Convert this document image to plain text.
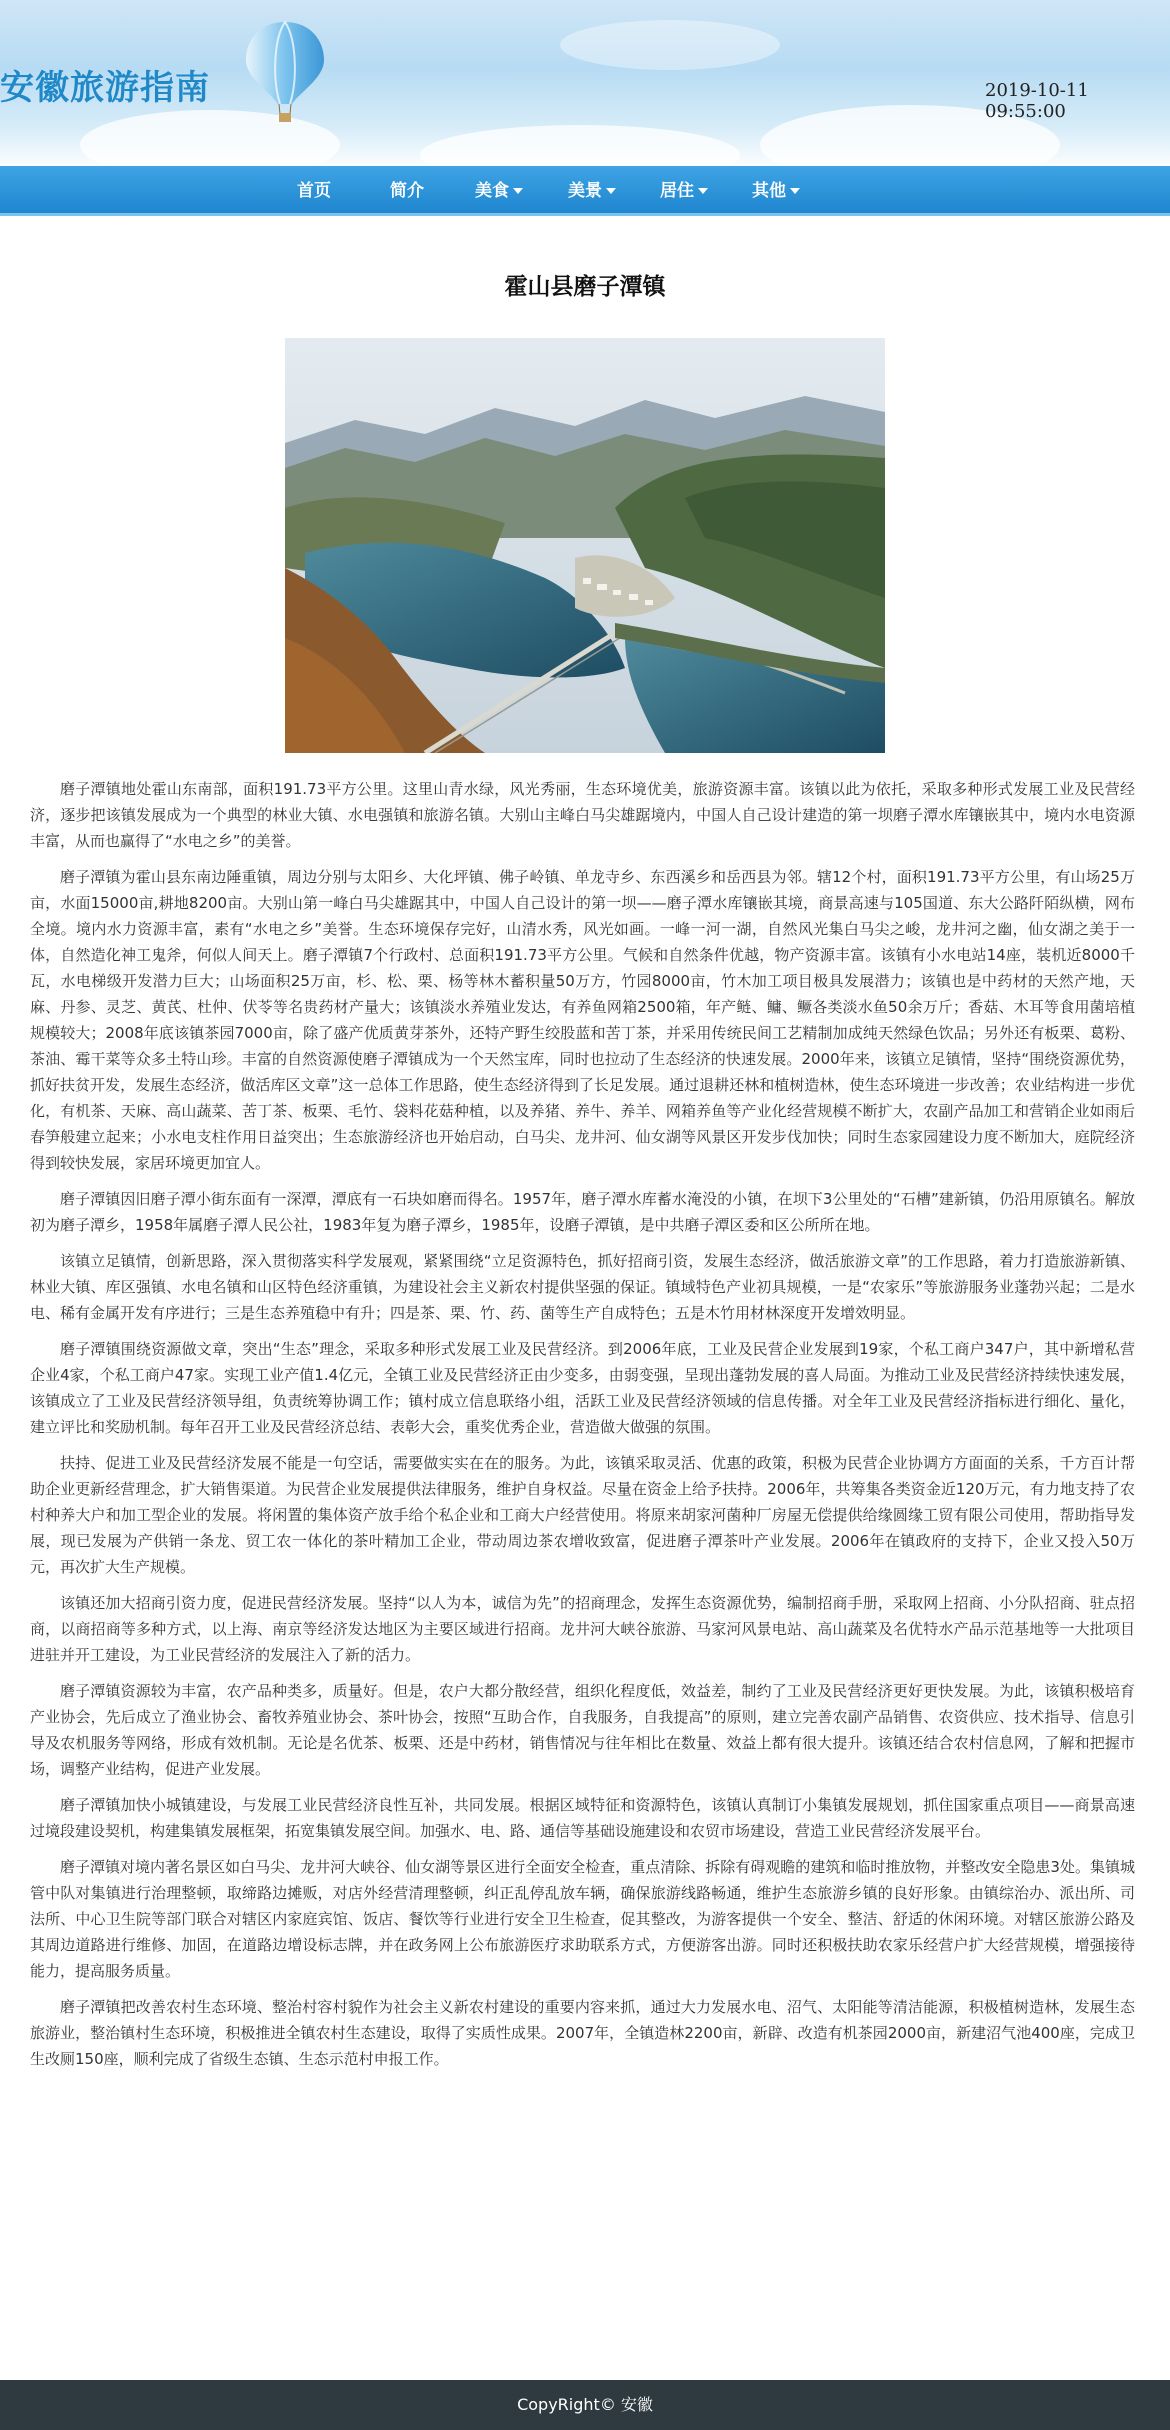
安徽旅游指南	2019-10-11 09:55:00
首页	简介	美食	美景	居住	其他
霍山县磨子潭镇

磨子潭镇地处霍山东南部，面积191.73平方公里。这里山青水绿，风光秀丽，生态环境优美，旅游资源丰富。该镇以此为依托，采取多种形式发展工业及民营经济，逐步把该镇发展成为一个典型的林业大镇、水电强镇和旅游名镇。大别山主峰白马尖雄踞境内，中国人自己设计建造的第一坝磨子潭水库镶嵌其中，境内水电资源丰富，从而也赢得了“水电之乡”的美誉。

磨子潭镇为霍山县东南边陲重镇，周边分别与太阳乡、大化坪镇、佛子岭镇、单龙寺乡、东西溪乡和岳西县为邻。辖12个村，面积191.73平方公里，有山场25万亩，水面15000亩,耕地8200亩。大别山第一峰白马尖雄踞其中，中国人自己设计的第一坝——磨子潭水库镶嵌其境，商景高速与105国道、东大公路阡陌纵横，网布全境。境内水力资源丰富，素有“水电之乡”美誉。生态环境保存完好，山清水秀，风光如画。一峰一河一湖，自然风光集白马尖之峻，龙井河之幽，仙女湖之美于一体，自然造化神工鬼斧，何似人间天上。磨子潭镇7个行政村、总面积191.73平方公里。气候和自然条件优越，物产资源丰富。该镇有小水电站14座，装机近8000千瓦，水电梯级开发潜力巨大；山场面积25万亩，杉、松、栗、杨等林木蓄积量50万方，竹园8000亩，竹木加工项目极具发展潜力；该镇也是中药材的天然产地，天麻、丹参、灵芝、黄芪、杜仲、伏苓等名贵药材产量大；该镇淡水养殖业发达，有养鱼网箱2500箱，年产鲢、鳙、鳜各类淡水鱼50余万斤；香菇、木耳等食用菌培植规模较大；2008年底该镇茶园7000亩，除了盛产优质黄芽茶外，还特产野生绞股蓝和苦丁茶，并采用传统民间工艺精制加成纯天然绿色饮品；另外还有板栗、葛粉、茶油、霉干菜等众多土特山珍。丰富的自然资源使磨子潭镇成为一个天然宝库，同时也拉动了生态经济的快速发展。2000年来，该镇立足镇情，坚持“围绕资源优势，抓好扶贫开发，发展生态经济，做活库区文章”这一总体工作思路，使生态经济得到了长足发展。通过退耕还林和植树造林，使生态环境进一步改善；农业结构进一步优化，有机茶、天麻、高山蔬菜、苦丁茶、板栗、毛竹、袋料花菇种植，以及养猪、养牛、养羊、网箱养鱼等产业化经营规模不断扩大，农副产品加工和营销企业如雨后春笋般建立起来；小水电支柱作用日益突出；生态旅游经济也开始启动，白马尖、龙井河、仙女湖等风景区开发步伐加快；同时生态家园建设力度不断加大，庭院经济得到较快发展，家居环境更加宜人。

磨子潭镇因旧磨子潭小街东面有一深潭，潭底有一石块如磨而得名。1957年，磨子潭水库蓄水淹没的小镇，在坝下3公里处的“石槽”建新镇，仍沿用原镇名。解放初为磨子潭乡，1958年属磨子潭人民公社，1983年复为磨子潭乡，1985年，设磨子潭镇，是中共磨子潭区委和区公所所在地。

该镇立足镇情，创新思路，深入贯彻落实科学发展观，紧紧围绕“立足资源特色，抓好招商引资，发展生态经济，做活旅游文章”的工作思路，着力打造旅游新镇、林业大镇、库区强镇、水电名镇和山区特色经济重镇，为建设社会主义新农村提供坚强的保证。镇域特色产业初具规模，一是“农家乐”等旅游服务业蓬勃兴起；二是水电、稀有金属开发有序进行；三是生态养殖稳中有升；四是茶、栗、竹、药、菌等生产自成特色；五是木竹用材林深度开发增效明显。

磨子潭镇围绕资源做文章，突出“生态”理念，采取多种形式发展工业及民营经济。到2006年底，工业及民营企业发展到19家，个私工商户347户，其中新增私营企业4家，个私工商户47家。实现工业产值1.4亿元，全镇工业及民营经济正由少变多，由弱变强，呈现出蓬勃发展的喜人局面。为推动工业及民营经济持续快速发展，该镇成立了工业及民营经济领导组，负责统筹协调工作；镇村成立信息联络小组，活跃工业及民营经济领域的信息传播。对全年工业及民营经济指标进行细化、量化，建立评比和奖励机制。每年召开工业及民营经济总结、表彰大会，重奖优秀企业，营造做大做强的氛围。

扶持、促进工业及民营经济发展不能是一句空话，需要做实实在在的服务。为此，该镇采取灵活、优惠的政策，积极为民营企业协调方方面面的关系，千方百计帮助企业更新经营理念，扩大销售渠道。为民营企业发展提供法律服务，维护自身权益。尽量在资金上给予扶持。2006年，共筹集各类资金近120万元，有力地支持了农村种养大户和加工型企业的发展。将闲置的集体资产放手给个私企业和工商大户经营使用。将原来胡家河菌种厂房屋无偿提供给缘圆缘工贸有限公司使用，帮助指导发展，现已发展为产供销一条龙、贸工农一体化的茶叶精加工企业，带动周边茶农增收致富，促进磨子潭茶叶产业发展。2006年在镇政府的支持下，企业又投入50万元，再次扩大生产规模。

该镇还加大招商引资力度，促进民营经济发展。坚持“以人为本，诚信为先”的招商理念，发挥生态资源优势，编制招商手册，采取网上招商、小分队招商、驻点招商，以商招商等多种方式，以上海、南京等经济发达地区为主要区域进行招商。龙井河大峡谷旅游、马家河风景电站、高山蔬菜及名优特水产品示范基地等一大批项目进驻并开工建设，为工业民营经济的发展注入了新的活力。

磨子潭镇资源较为丰富，农产品种类多，质量好。但是，农户大都分散经营，组织化程度低，效益差，制约了工业及民营经济更好更快发展。为此，该镇积极培育产业协会，先后成立了渔业协会、畜牧养殖业协会、茶叶协会，按照“互助合作，自我服务，自我提高”的原则，建立完善农副产品销售、农资供应、技术指导、信息引导及农机服务等网络，形成有效机制。无论是名优茶、板栗、还是中药材，销售情况与往年相比在数量、效益上都有很大提升。该镇还结合农村信息网，了解和把握市场，调整产业结构，促进产业发展。

磨子潭镇加快小城镇建设，与发展工业民营经济良性互补，共同发展。根据区域特征和资源特色，该镇认真制订小集镇发展规划，抓住国家重点项目——商景高速过境段建设契机，构建集镇发展框架，拓宽集镇发展空间。加强水、电、路、通信等基础设施建设和农贸市场建设，营造工业民营经济发展平台。

磨子潭镇对境内著名景区如白马尖、龙井河大峡谷、仙女湖等景区进行全面安全检查，重点清除、拆除有碍观瞻的建筑和临时推放物，并整改安全隐患3处。集镇城管中队对集镇进行治理整顿，取缔路边摊贩，对店外经营清理整顿，纠正乱停乱放车辆，确保旅游线路畅通，维护生态旅游乡镇的良好形象。由镇综治办、派出所、司法所、中心卫生院等部门联合对辖区内家庭宾馆、饭店、餐饮等行业进行安全卫生检查，促其整改，为游客提供一个安全、整洁、舒适的休闲环境。对辖区旅游公路及其周边道路进行维修、加固，在道路边增设标志牌，并在政务网上公布旅游医疗求助联系方式，方便游客出游。同时还积极扶助农家乐经营户扩大经营规模，增强接待能力，提高服务质量。

磨子潭镇把改善农村生态环境、整治村容村貌作为社会主义新农村建设的重要内容来抓，通过大力发展水电、沼气、太阳能等清洁能源，积极植树造林，发展生态旅游业，整治镇村生态环境，积极推进全镇农村生态建设，取得了实质性成果。2007年，全镇造林2200亩，新辟、改造有机茶园2000亩，新建沼气池400座，完成卫生改厕150座，顺利完成了省级生态镇、生态示范村申报工作。

CopyRight© 安徽
